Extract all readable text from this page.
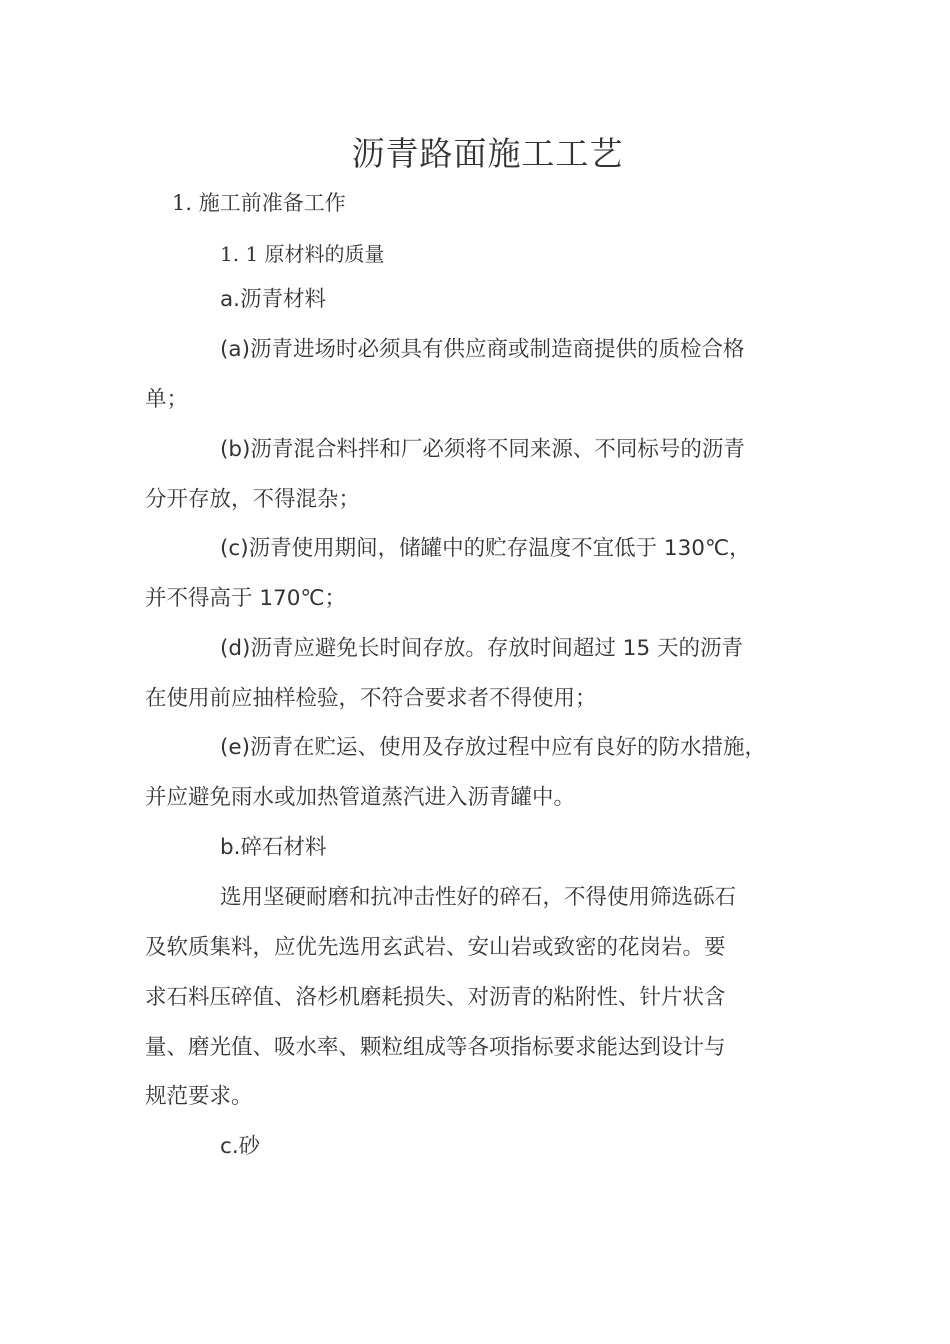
沥青路面施工工艺
1. 施工前准备工作
1. 1 原材料的质量
a.沥青材料
(a)沥青进场时必须具有供应商或制造商提供的质检合格
单；
(b)沥青混合料拌和厂必须将不同来源、不同标号的沥青
分开存放，不得混杂；
(c)沥青使用期间，储罐中的贮存温度不宜低于 130℃，
并不得高于 170℃；
(d)沥青应避免长时间存放。存放时间超过 15 天的沥青
在使用前应抽样检验，不符合要求者不得使用；
(e)沥青在贮运、使用及存放过程中应有良好的防水措施，
并应避免雨水或加热管道蒸汽进入沥青罐中。
b.碎石材料
选用坚硬耐磨和抗冲击性好的碎石，不得使用筛选砾石
及软质集料，应优先选用玄武岩、安山岩或致密的花岗岩。要
求石料压碎值、洛杉机磨耗损失、对沥青的粘附性、针片状含
量、磨光值、吸水率、颗粒组成等各项指标要求能达到设计与
规范要求。
c.砂
